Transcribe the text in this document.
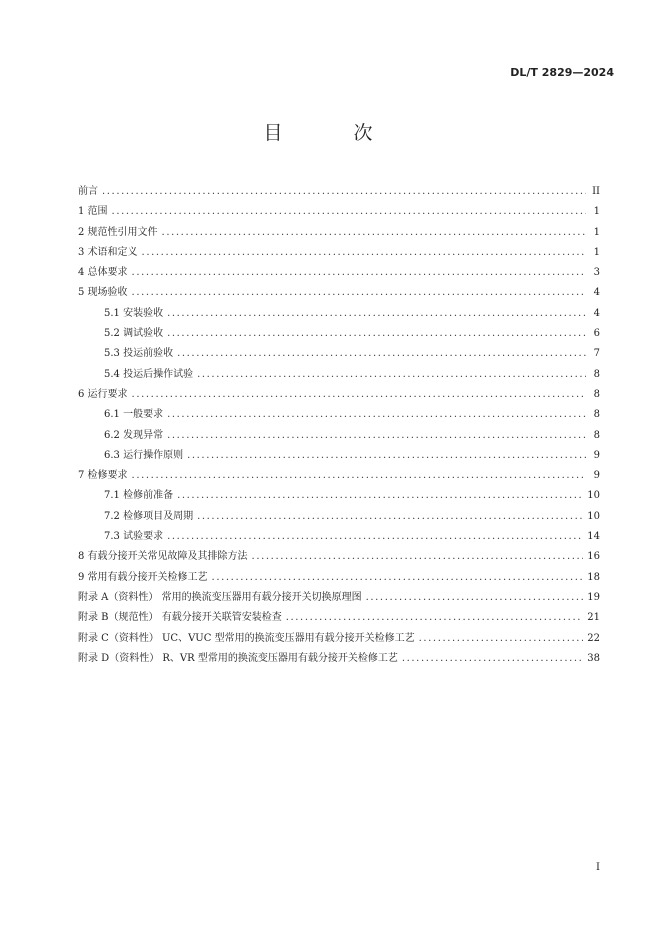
DL/T 2829—2024
目　次
前言 .....	II
1 范围 .....	1
2 规范性引用文件 .....	1
3 术语和定义 .....	1
4 总体要求 .....	3
5 现场验收 .....	4
5.1 安装验收 .....	4
5.2 调试验收 .....	6
5.3 投运前验收 .....	7
5.4 投运后操作试验 .....	8
6 运行要求 .....	8
6.1 一般要求 .....	8
6.2 发现异常 .....	8
6.3 运行操作原则 .....	9
7 检修要求 .....	9
7.1 检修前准备 .....	10
7.2 检修项目及周期 .....	10
7.3 试验要求 .....	14
8 有载分接开关常见故障及其排除方法 .....	16
9 常用有载分接开关检修工艺 .....	18
附录 A（资料性） 常用的换流变压器用有载分接开关切换原理图 .....	19
附录 B（规范性） 有载分接开关联管安装检查 .....	21
附录 C（资料性） UC、VUC 型常用的换流变压器用有载分接开关检修工艺 .....	22
附录 D（资料性） R、VR 型常用的换流变压器用有载分接开关检修工艺 .....	38
I
